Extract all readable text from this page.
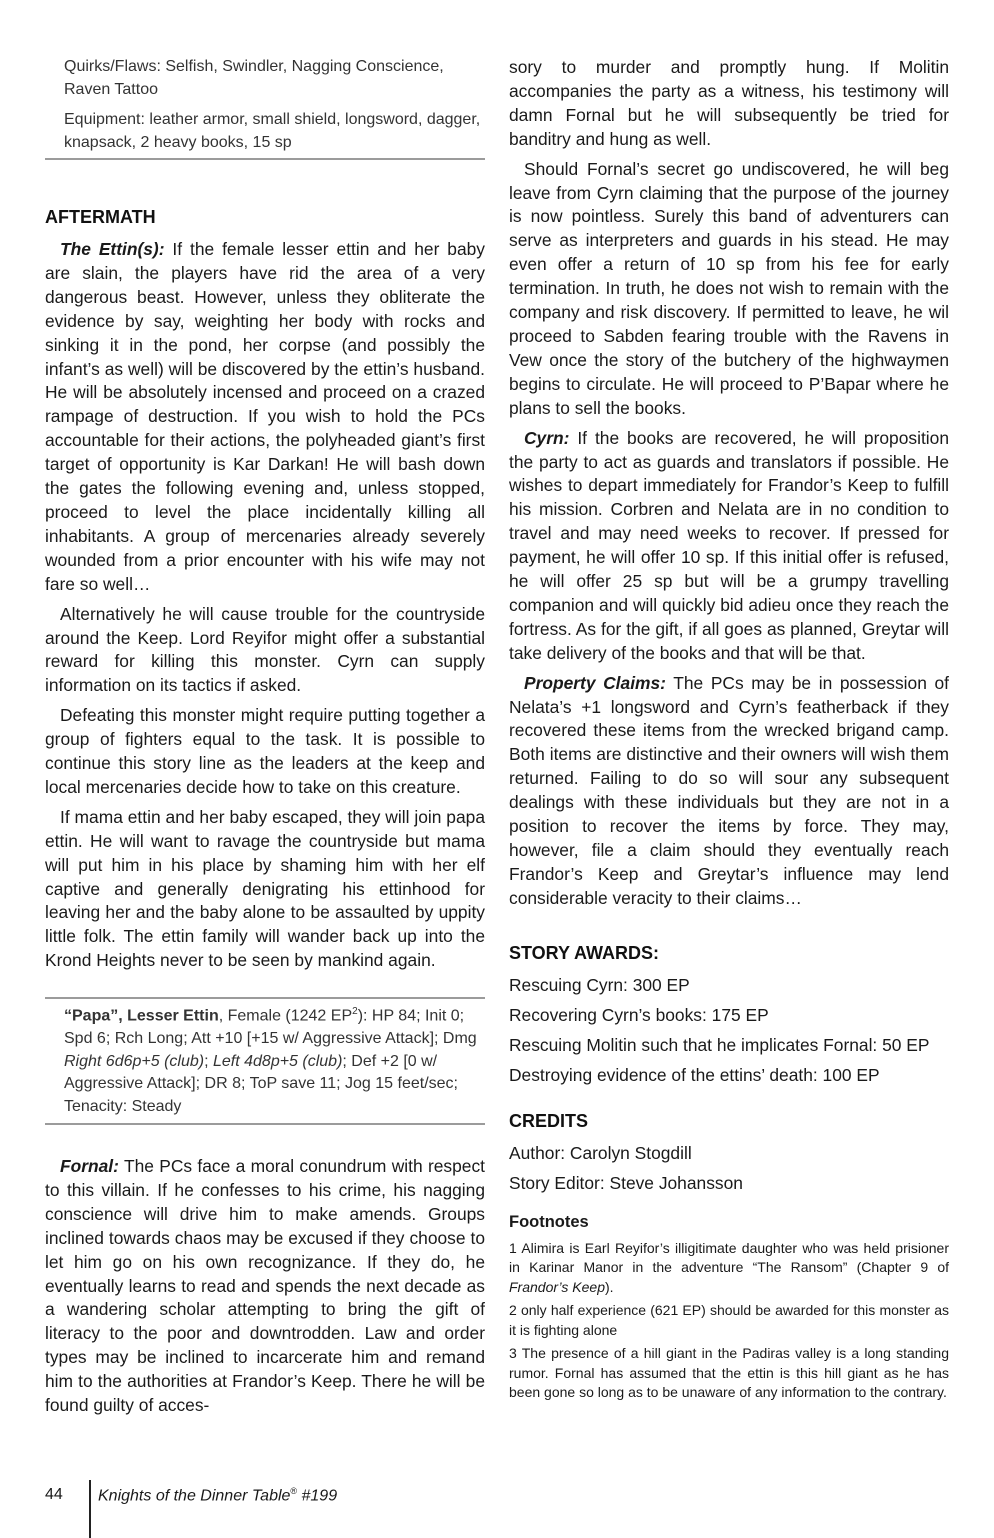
Quirks/Flaws: Selfish, Swindler, Nagging Conscience, Raven Tattoo

Equipment: leather armor, small shield, longsword, dagger, knapsack, 2 heavy books, 15 sp

AFTERMATH

The Ettin(s): If the female lesser ettin and her baby are slain, the players have rid the area of a very dangerous beast. However, unless they obliterate the evidence by say, weighting her body with rocks and sinking it in the pond, her corpse (and possibly the infant’s as well) will be discovered by the ettin’s husband. He will be absolutely incensed and proceed on a crazed rampage of destruction. If you wish to hold the PCs accountable for their actions, the polyheaded giant’s first target of opportunity is Kar Darkan! He will bash down the gates the following evening and, unless stopped, proceed to level the place incidentally killing all inhabitants. A group of mercenaries already severely wounded from a prior encounter with his wife may not fare so well…

Alternatively he will cause trouble for the countryside around the Keep. Lord Reyifor might offer a substantial reward for killing this monster. Cyrn can supply information on its tactics if asked.

Defeating this monster might require putting together a group of fighters equal to the task. It is possible to continue this story line as the leaders at the keep and local mercenaries decide how to take on this creature.

If mama ettin and her baby escaped, they will join papa ettin. He will want to ravage the countryside but mama will put him in his place by shaming him with her elf captive and generally denigrating his ettinhood for leaving her and the baby alone to be assaulted by uppity little folk. The ettin family will wander back up into the Krond Heights never to be seen by mankind again.

“Papa”, Lesser Ettin, Female (1242 $EP^2$): HP 84; Init 0; Spd 6; Rch Long; Att +10 [+15 w/ Aggressive Attack]; Dmg Right 6d6p+5 (club); Left 4d8p+5 (club); Def +2 [0 w/ Aggressive Attack]; DR 8; ToP save 11; Jog 15 feet/sec; Tenacity: Steady

Fornal: The PCs face a moral conundrum with respect to this villain. If he confesses to his crime, his nagging conscience will drive him to make amends. Groups inclined towards chaos may be excused if they choose to let him go on his own recognizance. If they do, he eventually learns to read and spends the next decade as a wandering scholar attempting to bring the gift of literacy to the poor and downtrodden. Law and order types may be inclined to incarcerate him and remand him to the authorities at Frandor’s Keep. There he will be found guilty of acces-

sory to murder and promptly hung. If Molitin accompanies the party as a witness, his testimony will damn Fornal but he will subsequently be tried for banditry and hung as well.

Should Fornal’s secret go undiscovered, he will beg leave from Cyrn claiming that the purpose of the journey is now pointless. Surely this band of adventurers can serve as interpreters and guards in his stead. He may even offer a return of 10 sp from his fee for early termination. In truth, he does not wish to remain with the company and risk discovery. If permitted to leave, he wil proceed to Sabden fearing trouble with the Ravens in Vew once the story of the butchery of the highwaymen begins to circulate. He will proceed to P’Bapar where he plans to sell the books.

Cyrn: If the books are recovered, he will proposition the party to act as guards and translators if possible. He wishes to depart immediately for Frandor’s Keep to fulfill his mission. Corbren and Nelata are in no condition to travel and may need weeks to recover. If pressed for payment, he will offer 10 sp. If this initial offer is refused, he will offer 25 sp but will be a grumpy travelling companion and will quickly bid adieu once they reach the fortress. As for the gift, if all goes as planned, Greytar will take delivery of the books and that will be that.

Property Claims: The PCs may be in possession of Nelata’s +1 longsword and Cyrn’s featherback if they recovered these items from the wrecked brigand camp. Both items are distinctive and their owners will wish them returned. Failing to do so will sour any subsequent dealings with these individuals but they are not in a position to recover the items by force. They may, however, file a claim should they eventually reach Frandor’s Keep and Greytar’s influence may lend considerable veracity to their claims…

STORY AWARDS:
Rescuing Cyrn: 300 EP
Recovering Cyrn’s books: 175 EP
Rescuing Molitin such that he implicates Fornal: 50 EP
Destroying evidence of the ettins’ death: 100 EP
CREDITS
Author: Carolyn Stogdill
Story Editor: Steve Johansson
Footnotes

1 Alimira is Earl Reyifor’s illigitimate daughter who was held prisioner in Karinar Manor in the adventure “The Ransom” (Chapter 9 of Frandor’s Keep).

2 only half experience (621 EP) should be awarded for this monster as it is fighting alone

3 The presence of a hill giant in the Padiras valley is a long standing rumor. Fornal has assumed that the ettin is this hill giant as he has been gone so long as to be unaware of any information to the contrary.

44 Knights of the Dinner Table® #199
